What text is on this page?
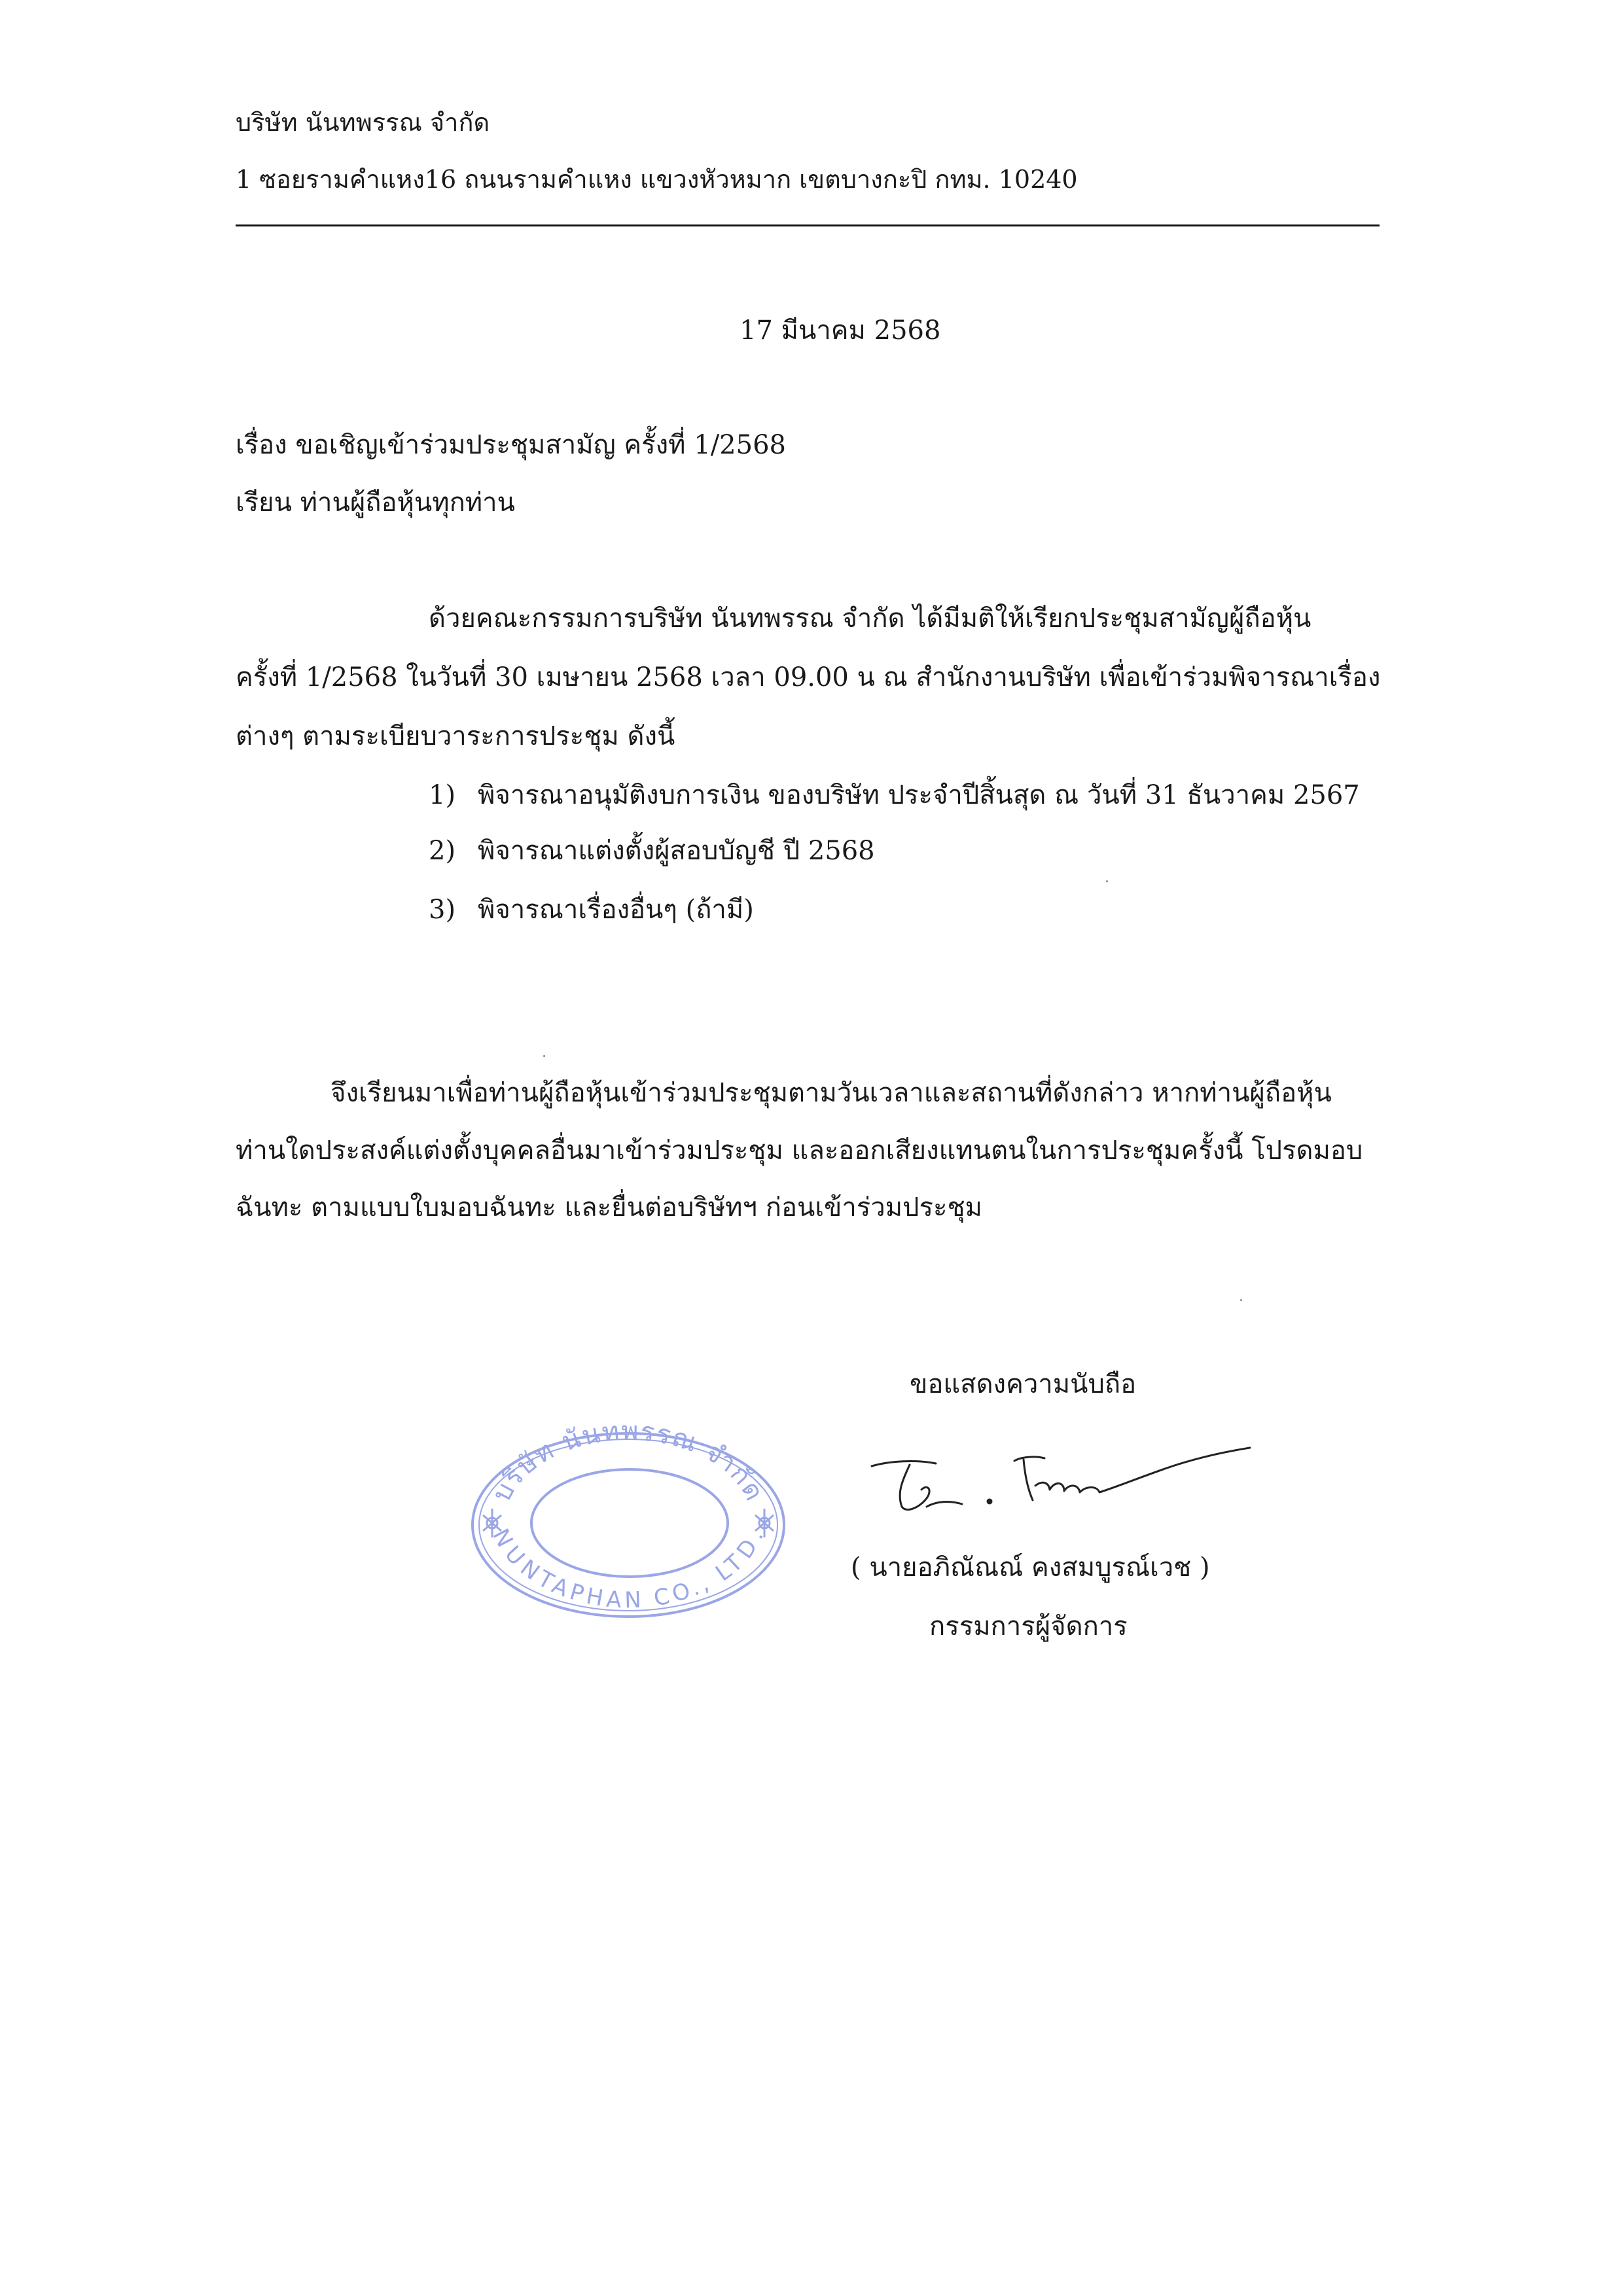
บริษัท นันทพรรณ จำกัด
1 ซอยรามคำแหง16 ถนนรามคำแหง แขวงหัวหมาก เขตบางกะปิ กทม. 10240
17 มีนาคม 2568
เรื่อง ขอเชิญเข้าร่วมประชุมสามัญ ครั้งที่ 1/2568
เรียน ท่านผู้ถือหุ้นทุกท่าน
ด้วยคณะกรรมการบริษัท นันทพรรณ จำกัด ได้มีมติให้เรียกประชุมสามัญผู้ถือหุ้น
ครั้งที่ 1/2568 ในวันที่ 30 เมษายน 2568 เวลา 09.00 น ณ สำนักงานบริษัท เพื่อเข้าร่วมพิจารณาเรื่อง
ต่างๆ ตามระเบียบวาระการประชุม ดังนี้
1) พิจารณาอนุมัติงบการเงิน ของบริษัท ประจำปีสิ้นสุด ณ วันที่ 31 ธันวาคม 2567
2) พิจารณาแต่งตั้งผู้สอบบัญชี ปี 2568
3) พิจารณาเรื่องอื่นๆ (ถ้ามี)
จึงเรียนมาเพื่อท่านผู้ถือหุ้นเข้าร่วมประชุมตามวันเวลาและสถานที่ดังกล่าว หากท่านผู้ถือหุ้น
ท่านใดประสงค์แต่งตั้งบุคคลอื่นมาเข้าร่วมประชุม และออกเสียงแทนตนในการประชุมครั้งนี้ โปรดมอบ
ฉันทะ ตามแบบใบมอบฉันทะ และยื่นต่อบริษัทฯ ก่อนเข้าร่วมประชุม
ขอแสดงความนับถือ
บริษัท นันทพรรณ จำกัด
NUNTAPHAN CO., LTD.
( นายอภิณัณณ์ คงสมบูรณ์เวช )
กรรมการผู้จัดการ
